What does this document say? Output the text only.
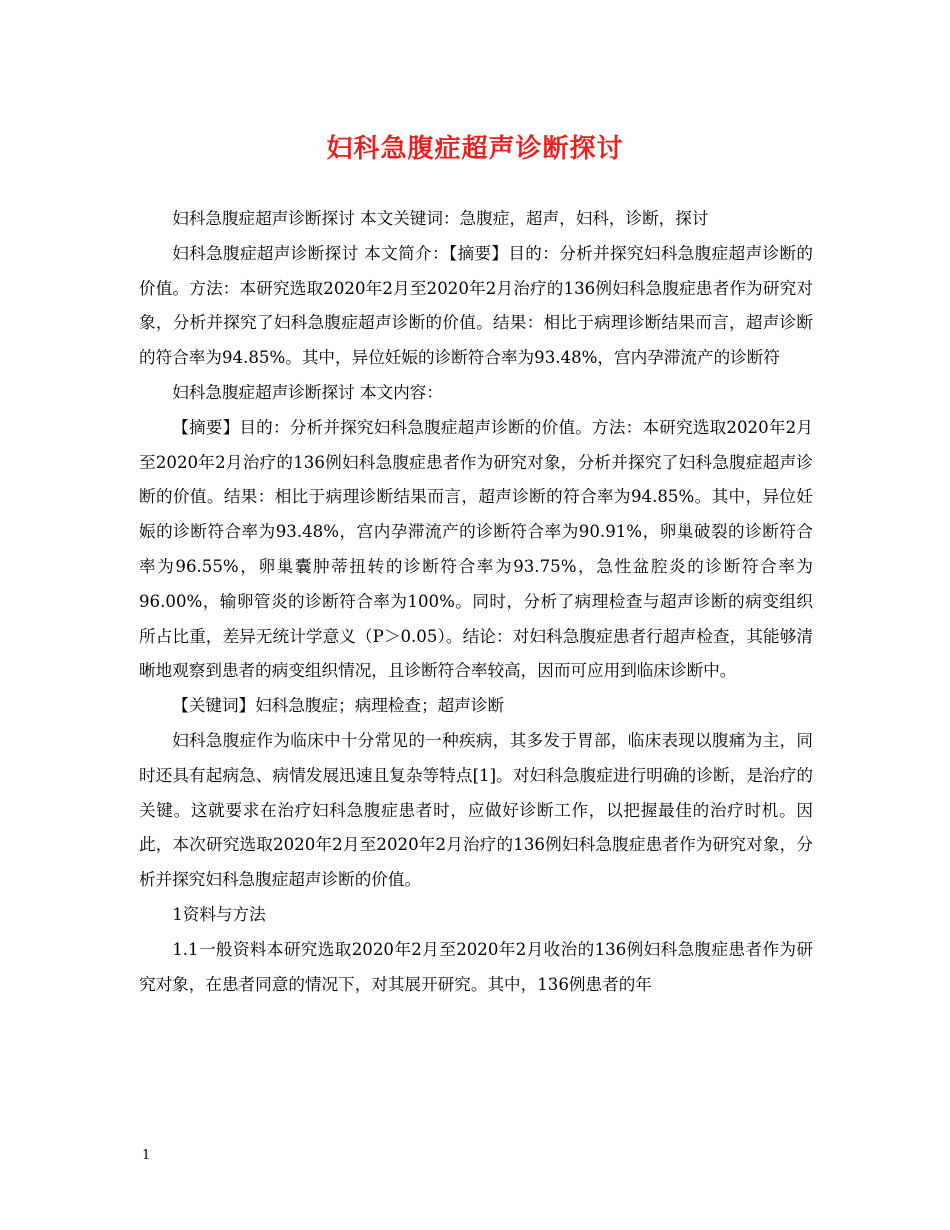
妇科急腹症超声诊断探讨

妇科急腹症超声诊断探讨 本文关键词：急腹症，超声，妇科，诊断，探讨

妇科急腹症超声诊断探讨 本文简介：【摘要】目的：分析并探究妇科急腹症超声诊断的价值。方法：本研究选取2020年2月至2020年2月治疗的136例妇科急腹症患者作为研究对象，分析并探究了妇科急腹症超声诊断的价值。结果：相比于病理诊断结果而言，超声诊断的符合率为94.85%。其中，异位妊娠的诊断符合率为93.48%，宫内孕滞流产的诊断符

妇科急腹症超声诊断探讨 本文内容：

【摘要】目的：分析并探究妇科急腹症超声诊断的价值。方法：本研究选取2020年2月至2020年2月治疗的136例妇科急腹症患者作为研究对象，分析并探究了妇科急腹症超声诊断的价值。结果：相比于病理诊断结果而言，超声诊断的符合率为94.85%。其中，异位妊娠的诊断符合率为93.48%，宫内孕滞流产的诊断符合率为90.91%，卵巢破裂的诊断符合率为96.55%，卵巢囊肿蒂扭转的诊断符合率为93.75%，急性盆腔炎的诊断符合率为96.00%，输卵管炎的诊断符合率为100%。同时，分析了病理检查与超声诊断的病变组织所占比重，差异无统计学意义（P＞0.05）。结论：对妇科急腹症患者行超声检查，其能够清晰地观察到患者的病变组织情况，且诊断符合率较高，因而可应用到临床诊断中。

【关键词】妇科急腹症；病理检查；超声诊断

妇科急腹症作为临床中十分常见的一种疾病，其多发于胃部，临床表现以腹痛为主，同时还具有起病急、病情发展迅速且复杂等特点[1]。对妇科急腹症进行明确的诊断，是治疗的关键。这就要求在治疗妇科急腹症患者时，应做好诊断工作，以把握最佳的治疗时机。因此，本次研究选取2020年2月至2020年2月治疗的136例妇科急腹症患者作为研究对象，分析并探究妇科急腹症超声诊断的价值。

1资料与方法

1.1一般资料本研究选取2020年2月至2020年2月收治的136例妇科急腹症患者作为研究对象，在患者同意的情况下，对其展开研究。其中，136例患者的年

1
